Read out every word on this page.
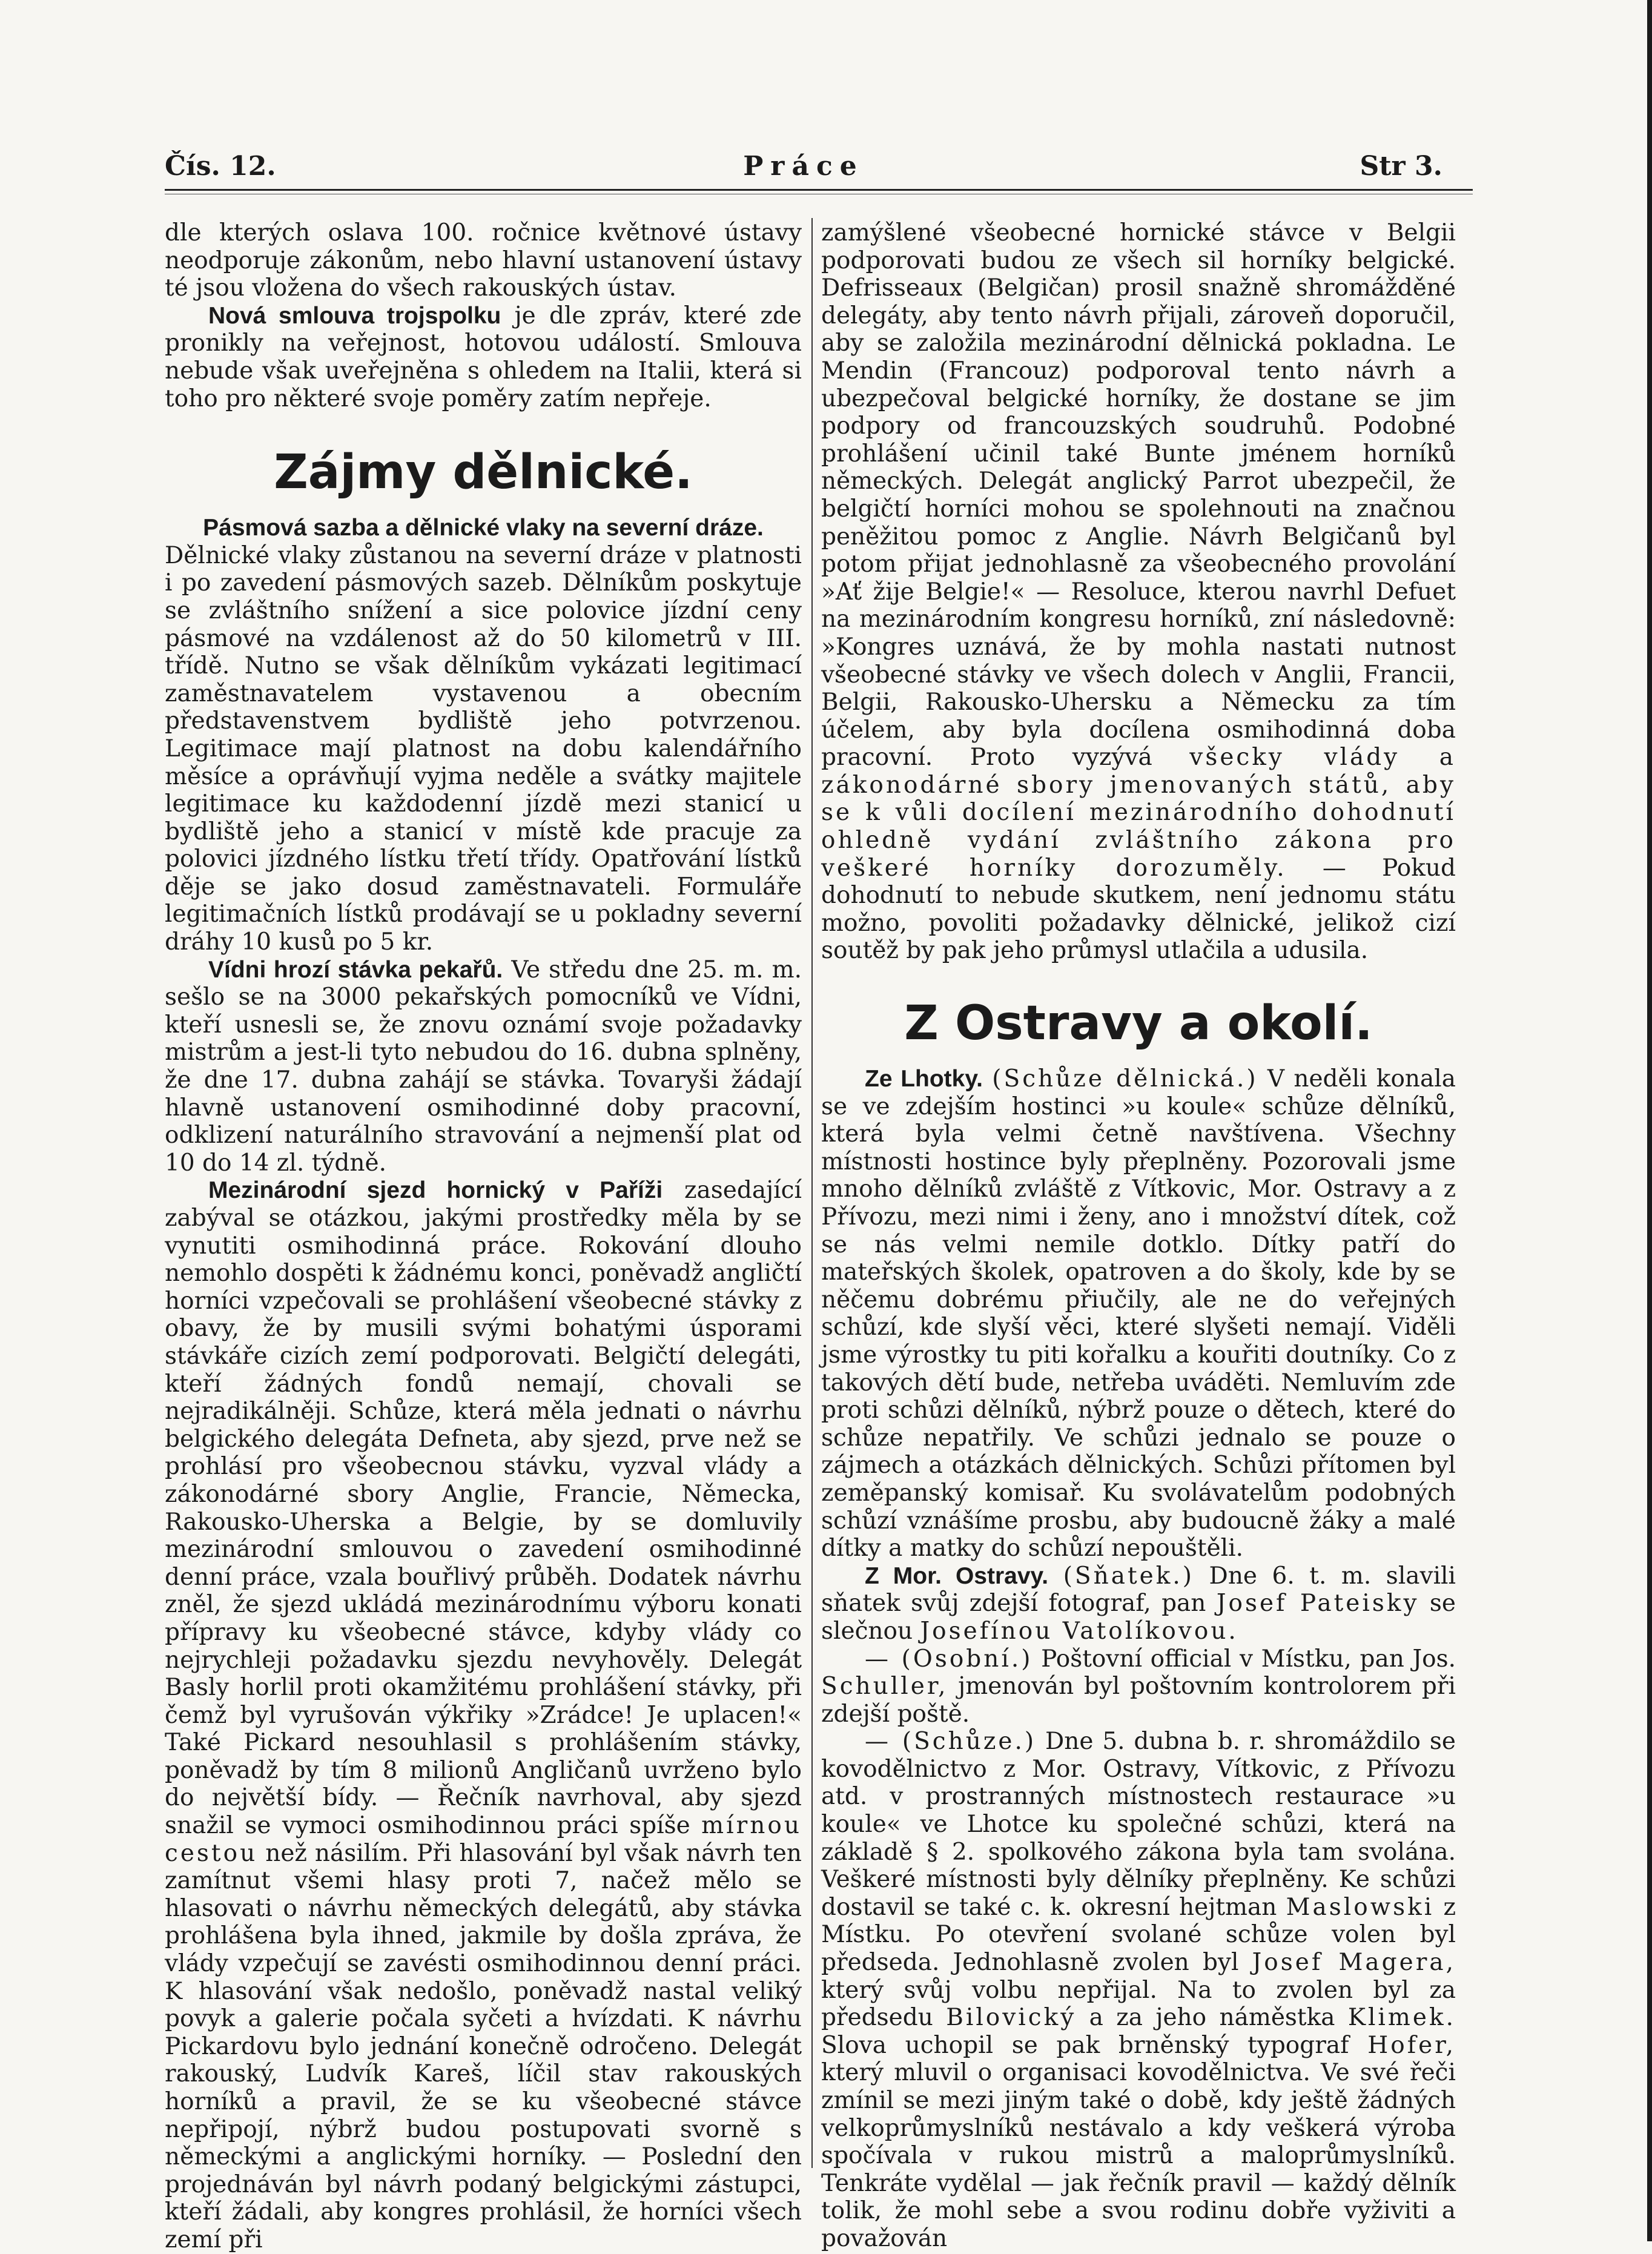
Čís. 12.	Práce	Str 3.

dle kterých oslava 100. ročnice květnové ústavy neodporuje zákonům, nebo hlavní ustanovení ústavy té jsou vložena do všech rakouských ústav.

Nová smlouva trojspolku je dle zpráv, které zde pronikly na veřejnost, hotovou událostí. Smlouva nebude však uveřejněna s ohledem na Italii, která si toho pro některé svoje poměry zatím nepřeje.

Zájmy dělnické.

Pásmová sazba a dělnické vlaky na severní dráze.

Dělnické vlaky zůstanou na severní dráze v platnosti i po zavedení pásmových sazeb. Dělníkům poskytuje se zvláštního snížení a sice polovice jízdní ceny pásmové na vzdálenost až do 50 kilometrů v III. třídě. Nutno se však dělníkům vykázati legitimací zaměstnavatelem vystavenou a obecním představenstvem bydliště jeho potvrzenou. Legitimace mají platnost na dobu kalendářního měsíce a oprávňují vyjma neděle a svátky majitele legitimace ku každodenní jízdě mezi stanicí u bydliště jeho a stanicí v místě kde pracuje za polovici jízdného lístku třetí třídy. Opatřování lístků děje se jako dosud zaměstnavateli. Formuláře legitimačních lístků prodávají se u pokladny severní dráhy 10 kusů po 5 kr.

Vídni hrozí stávka pekařů. Ve středu dne 25. m. m. sešlo se na 3000 pekařských pomocníků ve Vídni, kteří usnesli se, že znovu oznámí svoje požadavky mistrům a jest-li tyto nebudou do 16. dubna splněny, že dne 17. dubna zahájí se stávka. Tovaryši žádají hlavně ustanovení osmihodinné doby pracovní, odklizení naturálního stravování a nejmenší plat od 10 do 14 zl. týdně.

Mezinárodní sjezd hornický v Paříži zasedající zabýval se otázkou, jakými prostředky měla by se vynutiti osmihodinná práce. Rokování dlouho nemohlo dospěti k žádnému konci, poněvadž angličtí horníci vzpečovali se prohlášení všeobecné stávky z obavy, že by musili svými bohatými úsporami stávkáře cizích zemí podporovati. Belgičtí delegáti, kteří žádných fondů nemají, chovali se nejradikálněji. Schůze, která měla jednati o návrhu belgického delegáta Defneta, aby sjezd, prve než se prohlásí pro všeobecnou stávku, vyzval vlády a zákonodárné sbory Anglie, Francie, Německa, Rakousko-Uherska a Belgie, by se domluvily mezinárodní smlouvou o zavedení osmihodinné denní práce, vzala bouřlivý průběh. Dodatek návrhu zněl, že sjezd ukládá mezinárodnímu výboru konati přípravy ku všeobecné stávce, kdyby vlády co nejrychleji požadavku sjezdu nevyhověly. Delegát Basly horlil proti okamžitému prohlášení stávky, při čemž byl vyrušován výkřiky »Zrádce! Je uplacen!« Také Pickard nesouhlasil s prohlášením stávky, poněvadž by tím 8 milionů Angličanů uvrženo bylo do největší bídy. — Řečník navrhoval, aby sjezd snažil se vymoci osmihodinnou práci spíše mírnou cestou než násilím. Při hlasování byl však návrh ten zamítnut všemi hlasy proti 7, načež mělo se hlasovati o návrhu německých delegátů, aby stávka prohlášena byla ihned, jakmile by došla zpráva, že vlády vzpečují se zavésti osmihodinnou denní práci. K hlasování však nedošlo, poněvadž nastal veliký povyk a galerie počala syčeti a hvízdati. K návrhu Pickardovu bylo jednání konečně odročeno. Delegát rakouský, Ludvík Kareš, líčil stav rakouských horníků a pravil, že se ku všeobecné stávce nepřipojí, nýbrž budou postupovati svorně s německými a anglickými horníky. — Poslední den projednáván byl návrh podaný belgickými zástupci, kteří žádali, aby kongres prohlásil, že horníci všech zemí při

zamýšlené všeobecné hornické stávce v Belgii podporovati budou ze všech sil horníky belgické. Defrisseaux (Belgičan) prosil snažně shromážděné delegáty, aby tento návrh přijali, zároveň doporučil, aby se založila mezinárodní dělnická pokladna. Le Mendin (Francouz) podporoval tento návrh a ubezpečoval belgické horníky, že dostane se jim podpory od francouzských soudruhů. Podobné prohlášení učinil také Bunte jménem horníků německých. Delegát anglický Parrot ubezpečil, že belgičtí horníci mohou se spolehnouti na značnou peněžitou pomoc z Anglie. Návrh Belgičanů byl potom přijat jednohlasně za všeobecného provolání »Ať žije Belgie!« — Resoluce, kterou navrhl Defuet na mezinárodním kongresu horníků, zní následovně: »Kongres uznává, že by mohla nastati nutnost všeobecné stávky ve všech dolech v Anglii, Francii, Belgii, Rakousko-Uhersku a Německu za tím účelem, aby byla docílena osmihodinná doba pracovní. Proto vyzývá všecky vlády a zákonodárné sbory jmenovaných států, aby se k vůli docílení mezinárodního dohodnutí ohledně vydání zvláštního zákona pro veškeré horníky dorozuměly. — Pokud dohodnutí to nebude skutkem, není jednomu státu možno, povoliti požadavky dělnické, jelikož cizí soutěž by pak jeho průmysl utlačila a udusila.

Z Ostravy a okolí.

Ze Lhotky. (Schůze dělnická.) V neděli konala se ve zdejším hostinci »u koule« schůze dělníků, která byla velmi četně navštívena. Všechny místnosti hostince byly přeplněny. Pozorovali jsme mnoho dělníků zvláště z Vítkovic, Mor. Ostravy a z Přívozu, mezi nimi i ženy, ano i množství dítek, což se nás velmi nemile dotklo. Dítky patří do mateřských školek, opatroven a do školy, kde by se něčemu dobrému přiučily, ale ne do veřejných schůzí, kde slyší věci, které slyšeti nemají. Viděli jsme výrostky tu piti kořalku a kouřiti doutníky. Co z takových dětí bude, netřeba uváděti. Nemluvím zde proti schůzi dělníků, nýbrž pouze o dětech, které do schůze nepatřily. Ve schůzi jednalo se pouze o zájmech a otázkách dělnických. Schůzi přítomen byl zeměpanský komisař. Ku svolávatelům podobných schůzí vznášíme prosbu, aby budoucně žáky a malé dítky a matky do schůzí nepouštěli.

Z Mor. Ostravy. (Sňatek.) Dne 6. t. m. slavili sňatek svůj zdejší fotograf, pan Josef Pateisky se slečnou Josefínou Vatolíkovou.

— (Osobní.) Poštovní official v Místku, pan Jos. Schuller, jmenován byl poštovním kontrolorem při zdejší poště.

— (Schůze.) Dne 5. dubna b. r. shromáždilo se kovodělnictvo z Mor. Ostravy, Vítkovic, z Přívozu atd. v prostranných místnostech restaurace »u koule« ve Lhotce ku společné schůzi, která na základě § 2. spolkového zákona byla tam svolána. Veškeré místnosti byly dělníky přeplněny. Ke schůzi dostavil se také c. k. okresní hejtman Maslowski z Místku. Po otevření svolané schůze volen byl předseda. Jednohlasně zvolen byl Josef Magera, který svůj volbu nepřijal. Na to zvolen byl za předsedu Bilovický a za jeho náměstka Klimek. Slova uchopil se pak brněnský typograf Hofer, který mluvil o organisaci kovodělnictva. Ve své řeči zmínil se mezi jiným také o době, kdy ještě žádných velkoprůmyslníků nestávalo a kdy veškerá výroba spočívala v rukou mistrů a maloprůmyslníků. Tenkráte vydělal — jak řečník pravil — každý dělník tolik, že mohl sebe a svou rodinu dobře vyživiti a považován
